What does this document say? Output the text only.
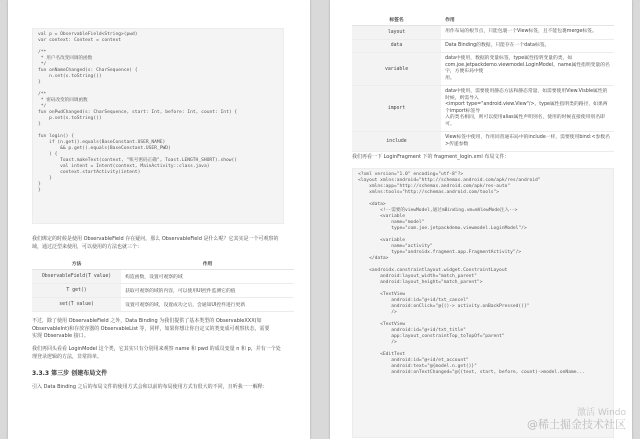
val p = ObservableField<String>(pwd)
var context: Context = context

/**
* 用户名改变回调的函数
*/
fun onNameChanged(s: CharSequence) {
n.set(s.toString())
}

/**
* 密码改变的回调函数
*/
fun onPwdChanged(s: CharSequence, start: Int, before: Int, count: Int) {
p.set(s.toString())
}

fun login() {
if (n.get().equals(BaseConstant.USER_NAME)
&& p.get().equals(BaseConstant.USER_PWD)
) {
Toast.makeText(context, "账号密码正确", Toast.LENGTH_SHORT).show()
val intent = Intent(context, MainActivity::class.java)
context.startActivity(intent)
}
}
}
我们绑定的时候是使用 ObservableField 存在疑问，那么 ObservableField 是什么呢？它其实是一个可观察的
域，通过泛型来使用，可以使用的方法也就三个：
方法	作用
ObservableField(T value)	构造函数，设置可观察的域
T get()	获取可观察的域的内容，可以使用UI控件监测它的值
set(T value)	设置可观察的域，设置成功之后，会通知UI控件进行更新
不过，除了使用 ObservableField 之外，Data Binding 为我们提供了基本类型的 ObservableXXX(如
ObservableInt)和存放容器的 ObservableList 等，同样，如果你想让你自定义的类变成可观察状态，需要
实现 Observable 接口。
我们再回头看看 LoginModel 这个类，它其实只有分别用来观察 name 和 pwd 的成员变量 n 和 p，并有一个处
理登录逻辑的方法，非常简单。
3.3.3 第三步 创建布局文件
引入 Data Binding 之后的布局文件的使用方式会和以前的布局使用方式有很大的不同，且听我一一解释：
标签名	作用
layout	用作布局的根节点，只能包裹一个View标签，且不能包裹merge标签。

data	Data Binding的数据，只能存在一个data标签。

variable	data中使用，数据的变量标签，type属性指明变量的类，如
com.joe.jetpackdemo.viewmodel.LoginModel。name属性指明变量的名字，方便布局中使
用。

import	data中使用，需要使用静态方法和静态常量，如需要使用View.Visble属性的时候，则需导入
<import type="android.view.View"/>。type属性指明类的路径，如果两个import标签导
入的类名相同，则可以使用alias属性声明别名，使用的时候直接使用别名即可。

include	View标签中使用，作用同普通布局中的include一样，需要使用bind:<参数名>传递参数
我们再看一下 LoginFragment 下的 fragment_login.xml 布局文件：
<?xml version="1.0" encoding="utf-8"?>
<layout xmlns:android="http://schemas.android.com/apk/res/android"
xmlns:app="http://schemas.android.com/apk/res-auto"
xmlns:tools="http://schemas.android.com/tools">

<data>
<!--需要的viewModel,通过mBinding.vm=mViewMode注入-->
<variable
name="model"
type="com.joe.jetpackdemo.viewmodel.LoginModel"/>

<variable
name="activity"
type="androidx.fragment.app.FragmentActivity"/>
</data>

<androidx.constraintlayout.widget.ConstraintLayout
android:layout_width="match_parent"
android:layout_height="match_parent">

<TextView
android:id="@+id/txt_cancel"
android:onClick="@{()-> activity.onBackPressed()}"
/>

<TextView
android:id="@+id/txt_title"
app:layout_constraintTop_toTopOf="parent"
/>

<EditText
android:id="@+id/et_account"
android:text="@{model.n.get()}"
android:onTextChanged="@{(text, start, before, count)->model.onName...
激活 Windo
@稀土掘金技术社区
